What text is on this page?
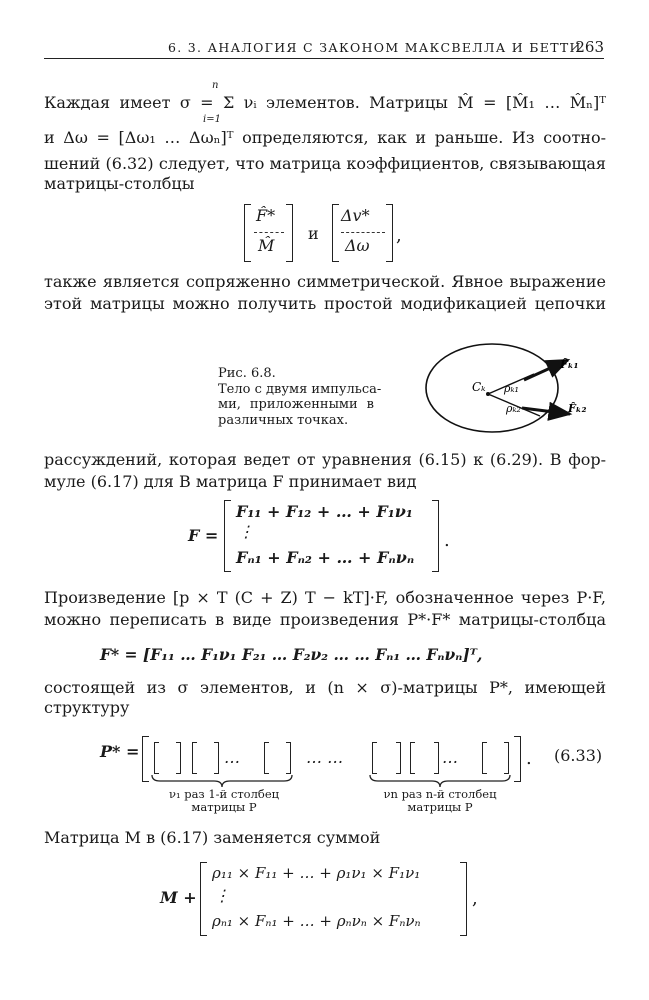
6. 3. АНАЛОГИЯ С ЗАКОНОМ МАКСВЕЛЛА И БЕТТИ
263
Каждая имеет σ = Σ νᵢ элементов. Матрицы M̂ = [M̂₁ … M̂ₙ]ᵀ
n
i=1
и Δω = [Δω₁ … Δωₙ]ᵀ определяются, как и раньше. Из соотно-
шений (6.32) следует, что матрица коэффициентов, связывающая
матрицы-столбцы
F̂*
M̂
и
Δv*
Δω ,
также является сопряженно симметрической. Явное выражение
этой матрицы можно получить простой модификацией цепочки
Рис. 6.8.
Тело с двумя импульса-
ми, приложенными в
различных точках.
Cₖ ρₖ₁
ρₖ₂
F̂ₖ₁
F̂ₖ₂
рассуждений, которая ведет от уравнения (6.15) к (6.29). В фор-
муле (6.17) для B матрица F принимает вид
F =
F₁₁ + F₁₂ + … + F₁ν₁
⋮
Fₙ₁ + Fₙ₂ + … + Fₙνₙ
.
Произведение [p × T (C + Z) T − kT]·F, обозначенное через P·F,
можно переписать в виде произведения P*·F* матрицы-столбца
F* = [F₁₁ … F₁ν₁ F₂₁ … F₂ν₂ … … Fₙ₁ … Fₙνₙ]ᵀ,
состоящей из σ элементов, и (n × σ)-матрицы P*, имеющей
структуру
P* =	…	… …	…	. (6.33)
ν₁ раз 1-й столбец
матрицы P
νn раз n-й столбец
матрицы P
Матрица M в (6.17) заменяется суммой
M +
ρ₁₁ × F₁₁ + … + ρ₁ν₁ × F₁ν₁
⋮
ρₙ₁ × Fₙ₁ + … + ρₙνₙ × Fₙνₙ
,
